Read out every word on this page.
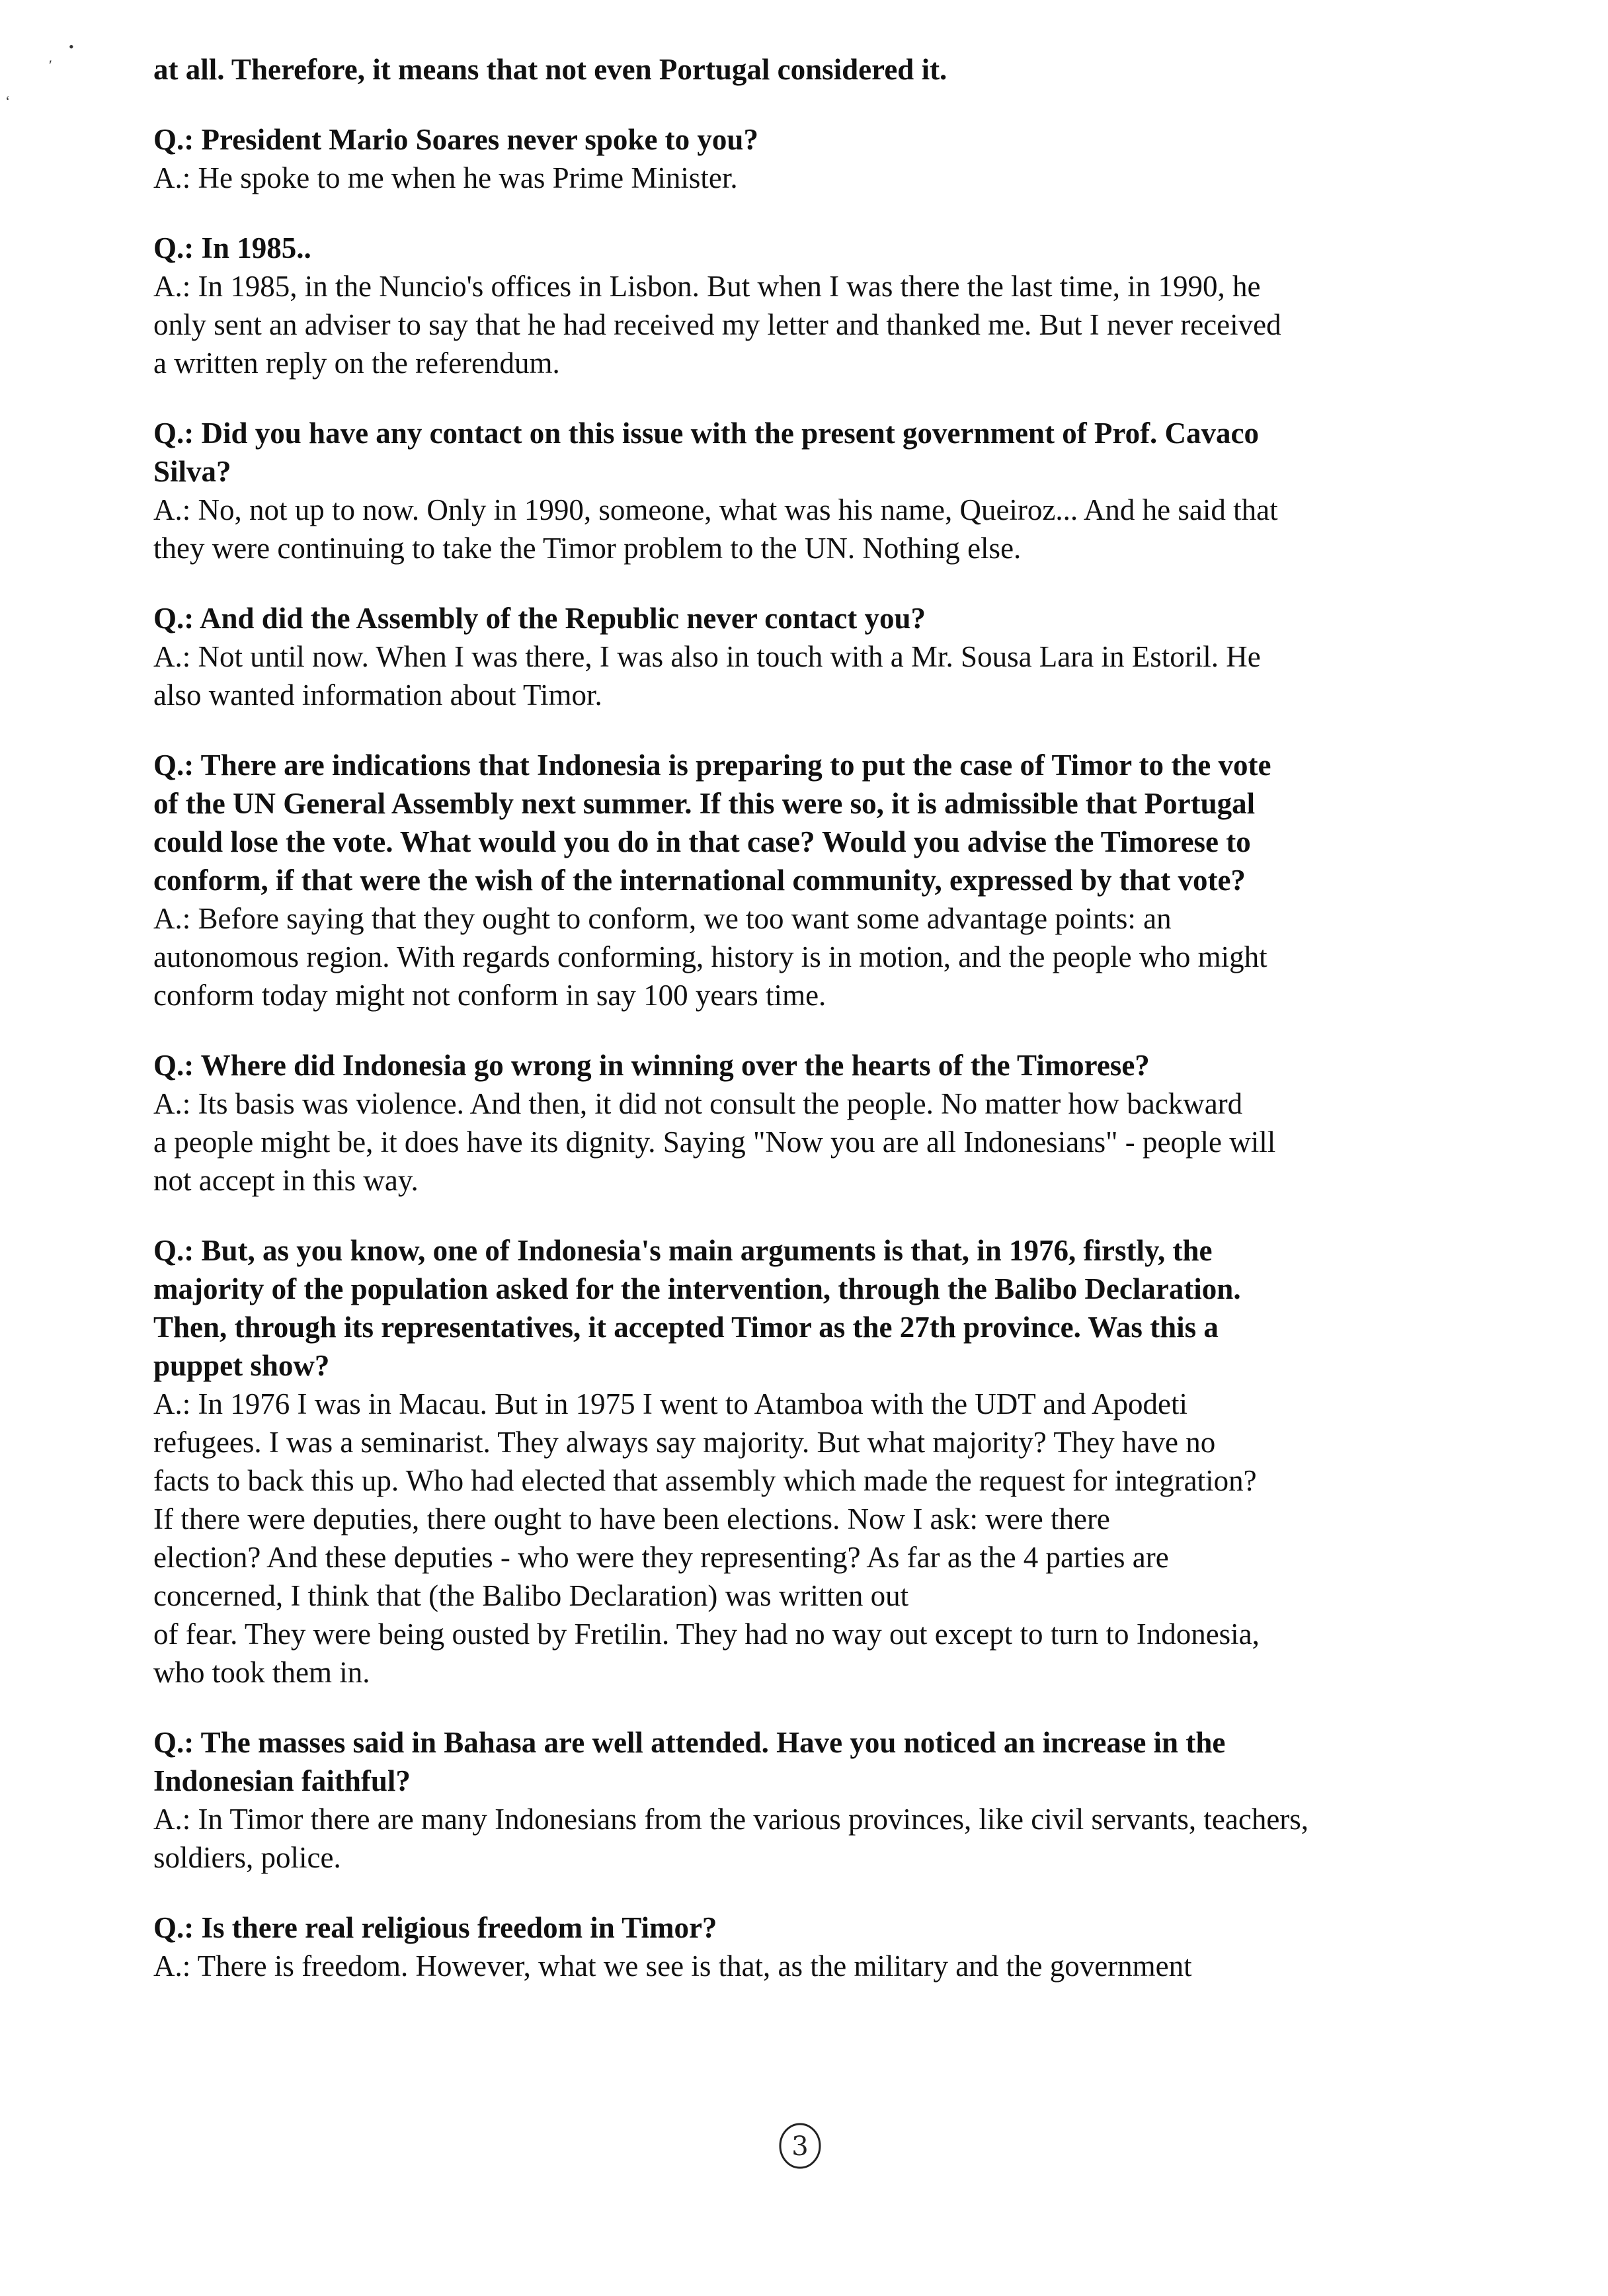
•
′
‘

at all. Therefore, it means that not even Portugal considered it.

Q.: President Mario Soares never spoke to you?

A.: He spoke to me when he was Prime Minister.

Q.: In 1985..

A.: In 1985, in the Nuncio's offices in Lisbon. But when I was there the last time, in 1990, he

only sent an adviser to say that he had received my letter and thanked me. But I never received

a written reply on the referendum.

Q.: Did you have any contact on this issue with the present government of Prof. Cavaco

Silva?

A.: No, not up to now. Only in 1990, someone, what was his name, Queiroz... And he said that

they were continuing to take the Timor problem to the UN. Nothing else.

Q.: And did the Assembly of the Republic never contact you?

A.: Not until now. When I was there, I was also in touch with a Mr. Sousa Lara in Estoril. He

also wanted information about Timor.

Q.: There are indications that Indonesia is preparing to put the case of Timor to the vote

of the UN General Assembly next summer. If this were so, it is admissible that Portugal

could lose the vote. What would you do in that case? Would you advise the Timorese to

conform, if that were the wish of the international community, expressed by that vote?

A.: Before saying that they ought to conform, we too want some advantage points: an

autonomous region. With regards conforming, history is in motion, and the people who might

conform today might not conform in say 100 years time.

Q.: Where did Indonesia go wrong in winning over the hearts of the Timorese?

A.: Its basis was violence. And then, it did not consult the people. No matter how backward

a people might be, it does have its dignity. Saying "Now you are all Indonesians" - people will

not accept in this way.

Q.: But, as you know, one of Indonesia's main arguments is that, in 1976, firstly, the

majority of the population asked for the intervention, through the Balibo Declaration.

Then, through its representatives, it accepted Timor as the 27th province. Was this a

puppet show?

A.: In 1976 I was in Macau. But in 1975 I went to Atamboa with the UDT and Apodeti

refugees. I was a seminarist. They always say majority. But what majority? They have no

facts to back this up. Who had elected that assembly which made the request for integration?

If there were deputies, there ought to have been elections. Now I ask: were there

election? And these deputies - who were they representing? As far as the 4 parties are

concerned, I think that (the Balibo Declaration) was written out

of fear. They were being ousted by Fretilin. They had no way out except to turn to Indonesia,

who took them in.

Q.: The masses said in Bahasa are well attended. Have you noticed an increase in the

Indonesian faithful?

A.: In Timor there are many Indonesians from the various provinces, like civil servants, teachers,

soldiers, police.

Q.: Is there real religious freedom in Timor?

A.: There is freedom. However, what we see is that, as the military and the government

3
